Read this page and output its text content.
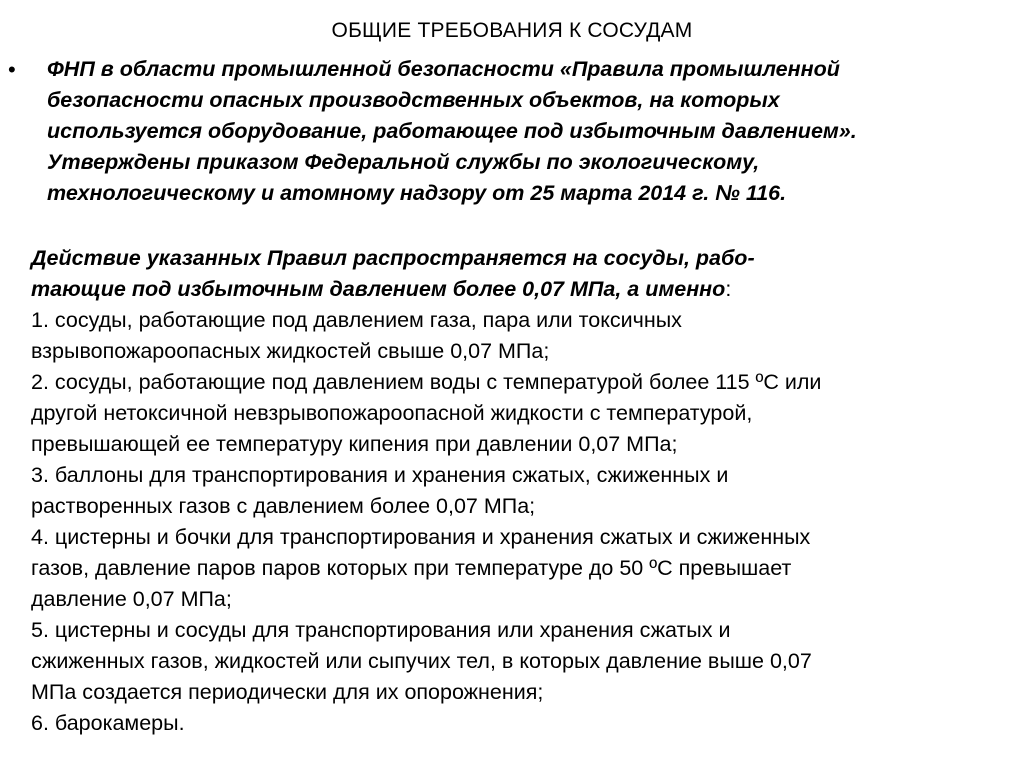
ОБЩИЕ ТРЕБОВАНИЯ К СОСУДАМ
• ФНП в области промышленной безопасности «Правила промышленной
безопасности опасных производственных объектов, на которых
используется оборудование, работающее под избыточным давлением».
Утверждены приказом Федеральной службы по экологическому,
технологическому и атомному надзору от 25 марта 2014 г. № 116.

Действие указанных Правил распространяется на сосуды, рабо-
тающие под избыточным давлением более 0,07 МПа, а именно:
1. сосуды, работающие под давлением газа, пара или токсичных
взрывопожароопасных жидкостей свыше 0,07 МПа;
2. сосуды, работающие под давлением воды с температурой более 115 ºС или
другой нетоксичной невзрывопожароопасной жидкости с температурой,
превышающей ее температуру кипения при давлении 0,07 МПа;
3. баллоны для транспортирования и хранения сжатых, сжиженных и
растворенных газов с давлением более 0,07 МПа;
4. цистерны и бочки для транспортирования и хранения сжатых и сжиженных
газов, давление паров паров которых при температуре до 50 ºС превышает
давление 0,07 МПа;
5. цистерны и сосуды для транспортирования или хранения сжатых и
сжиженных газов, жидкостей или сыпучих тел, в которых давление выше 0,07
МПа создается периодически для их опорожнения;
6. барокамеры.
